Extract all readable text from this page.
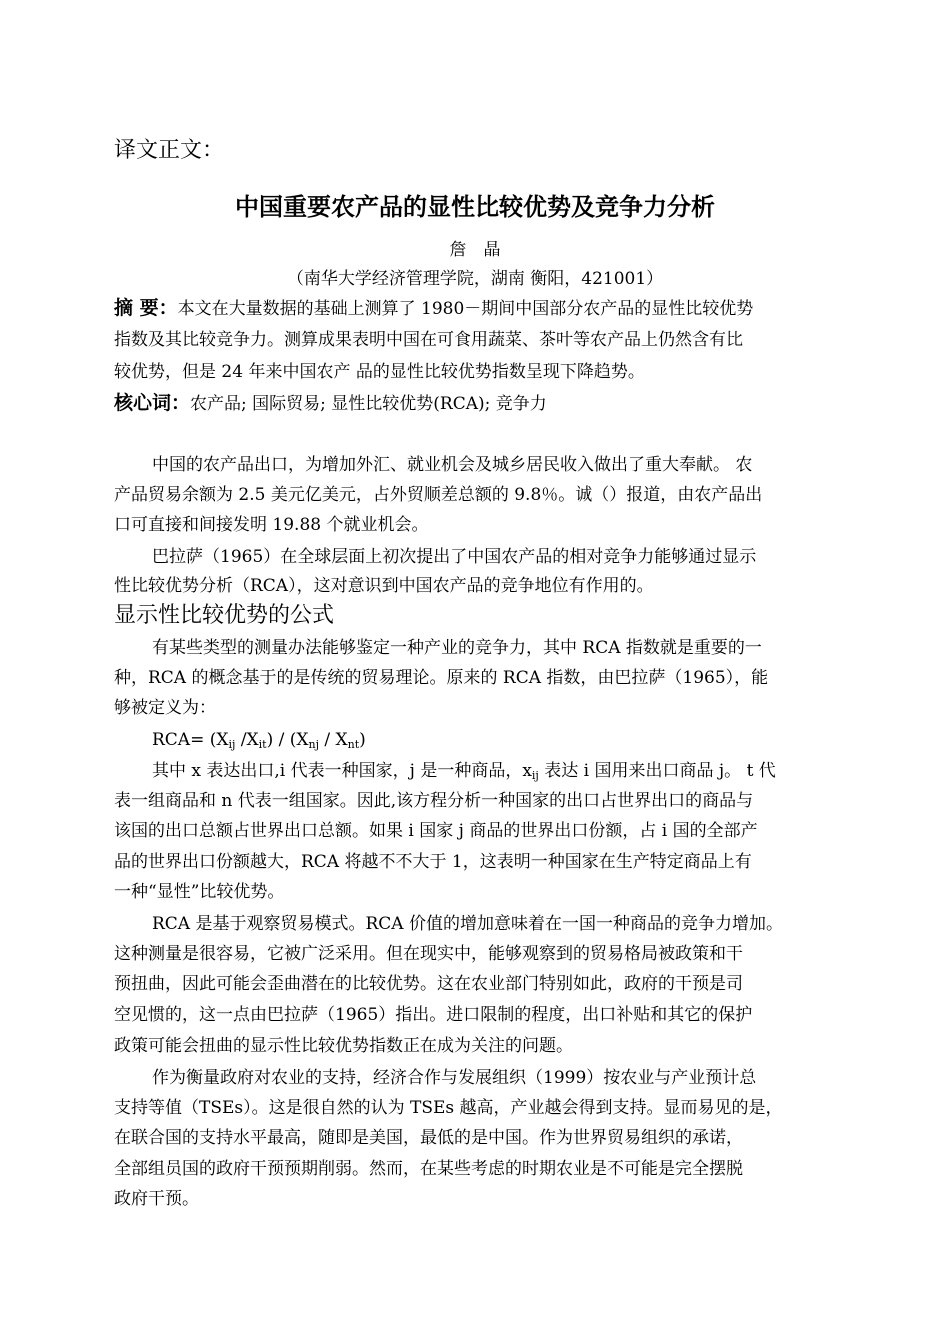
译文正文：
中国重要农产品的显性比较优势及竞争力分析
詹　晶
（南华大学经济管理学院，湖南 衡阳，421001）
摘 要：本文在大量数据的基础上测算了 1980－期间中国部分农产品的显性比较优势
指数及其比较竞争力。测算成果表明中国在可食用蔬菜、茶叶等农产品上仍然含有比
较优势，但是 24 年来中国农产 品的显性比较优势指数呈现下降趋势。
核心词：农产品; 国际贸易; 显性比较优势(RCA); 竞争力
中国的农产品出口，为增加外汇、就业机会及城乡居民收入做出了重大奉献。 农
产品贸易余额为 2.5 美元亿美元，占外贸顺差总额的 9.8％。诚（）报道，由农产品出
口可直接和间接发明 19.88 个就业机会。
巴拉萨（1965）在全球层面上初次提出了中国农产品的相对竞争力能够通过显示
性比较优势分析（RCA），这对意识到中国农产品的竞争地位有作用的。
显示性比较优势的公式
有某些类型的测量办法能够鉴定一种产业的竞争力，其中 RCA 指数就是重要的一
种，RCA 的概念基于的是传统的贸易理论。原来的 RCA 指数，由巴拉萨（1965），能
够被定义为：
$RCA= (X_{ij}$ $/X_{it}) / (X_{nj} / X_{nt})$
其中 x 表达出口,i 代表一种国家，j 是一种商品，$x_{ij}$ 表达 i 国用来出口商品 j。 t 代
表一组商品和 n 代表一组国家。因此,该方程分析一种国家的出口占世界出口的商品与
该国的出口总额占世界出口总额。如果 i 国家 j 商品的世界出口份额，占 i 国的全部产
品的世界出口份额越大，RCA 将越不不大于 1，这表明一种国家在生产特定商品上有
一种“显性”比较优势。
RCA 是基于观察贸易模式。RCA 价值的增加意味着在一国一种商品的竞争力增加。
这种测量是很容易，它被广泛采用。但在现实中，能够观察到的贸易格局被政策和干
预扭曲，因此可能会歪曲潜在的比较优势。这在农业部门特别如此，政府的干预是司
空见惯的，这一点由巴拉萨（1965）指出。进口限制的程度，出口补贴和其它的保护
政策可能会扭曲的显示性比较优势指数正在成为关注的问题。
作为衡量政府对农业的支持，经济合作与发展组织（1999）按农业与产业预计总
支持等值（TSEs）。这是很自然的认为 TSEs 越高，产业越会得到支持。显而易见的是，
在联合国的支持水平最高，随即是美国，最低的是中国。作为世界贸易组织的承诺，
全部组员国的政府干预预期削弱。然而，在某些考虑的时期农业是不可能是完全摆脱
政府干预。
